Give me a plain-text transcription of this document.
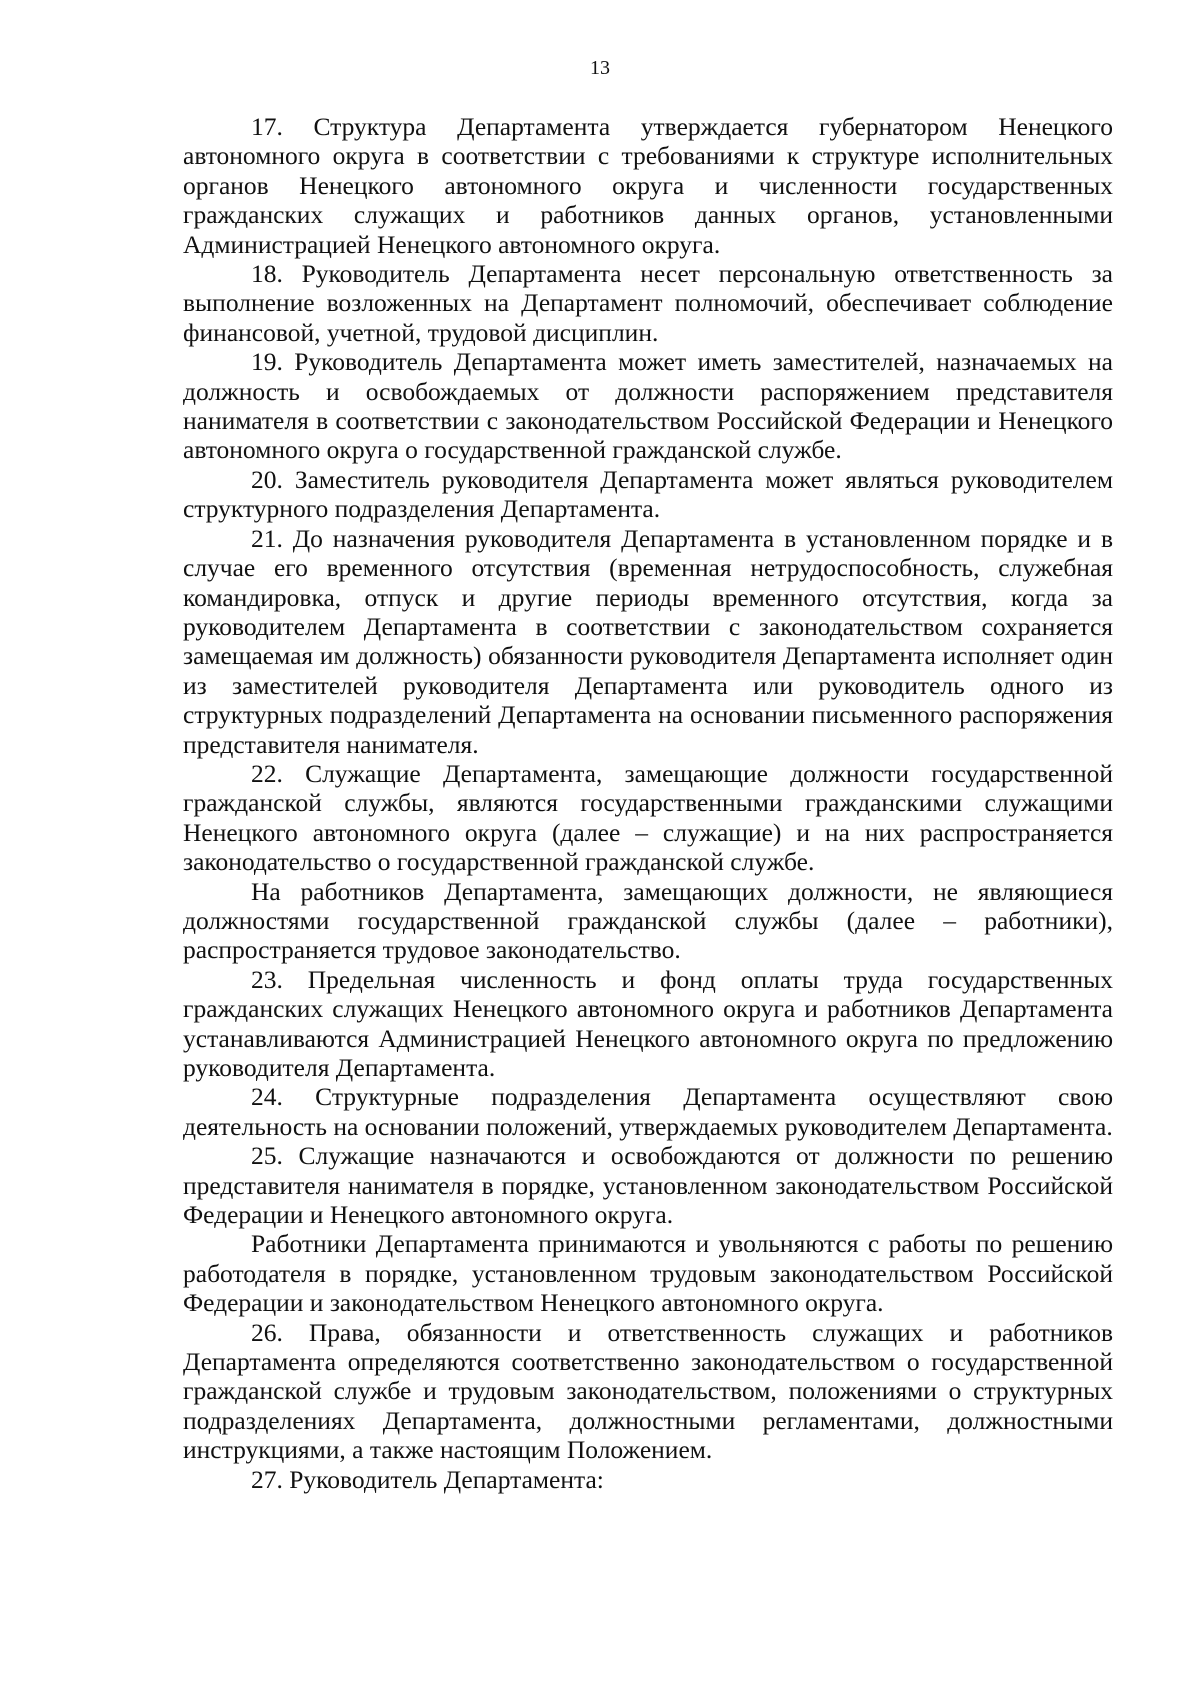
13

17. Структура Департамента утверждается губернатором Ненецкого автономного округа в соответствии с требованиями к структуре исполнительных органов Ненецкого автономного округа и численности государственных гражданских служащих и работников данных органов, установленными Администрацией Ненецкого автономного округа.

18. Руководитель Департамента несет персональную ответственность за выполнение возложенных на Департамент полномочий, обеспечивает соблюдение финансовой, учетной, трудовой дисциплин.

19. Руководитель Департамента может иметь заместителей, назначаемых на должность и освобождаемых от должности распоряжением представителя нанимателя в соответствии с законодательством Российской Федерации и Ненецкого автономного округа о государственной гражданской службе.

20. Заместитель руководителя Департамента может являться руководителем структурного подразделения Департамента.

21. До назначения руководителя Департамента в установленном порядке и в случае его временного отсутствия (временная нетрудоспособность, служебная командировка, отпуск и другие периоды временного отсутствия, когда за руководителем Департамента в соответствии с законодательством сохраняется замещаемая им должность) обязанности руководителя Департамента исполняет один из заместителей руководителя Департамента или руководитель одного из структурных подразделений Департамента на основании письменного распоряжения представителя нанимателя.

22. Служащие Департамента, замещающие должности государственной гражданской службы, являются государственными гражданскими служащими Ненецкого автономного округа (далее – служащие) и на них распространяется законодательство о государственной гражданской службе.

На работников Департамента, замещающих должности, не являющиеся должностями государственной гражданской службы (далее – работники), распространяется трудовое законодательство.

23. Предельная численность и фонд оплаты труда государственных гражданских служащих Ненецкого автономного округа и работников Департамента устанавливаются Администрацией Ненецкого автономного округа по предложению руководителя Департамента.

24. Структурные подразделения Департамента осуществляют свою деятельность на основании положений, утверждаемых руководителем Департамента.

25. Служащие назначаются и освобождаются от должности по решению представителя нанимателя в порядке, установленном законодательством Российской Федерации и Ненецкого автономного округа.

Работники Департамента принимаются и увольняются с работы по решению работодателя в порядке, установленном трудовым законодательством Российской Федерации и законодательством Ненецкого автономного округа.

26. Права, обязанности и ответственность служащих и работников Департамента определяются соответственно законодательством о государственной гражданской службе и трудовым законодательством, положениями о структурных подразделениях Департамента, должностными регламентами, должностными инструкциями, а также настоящим Положением.

27. Руководитель Департамента:
